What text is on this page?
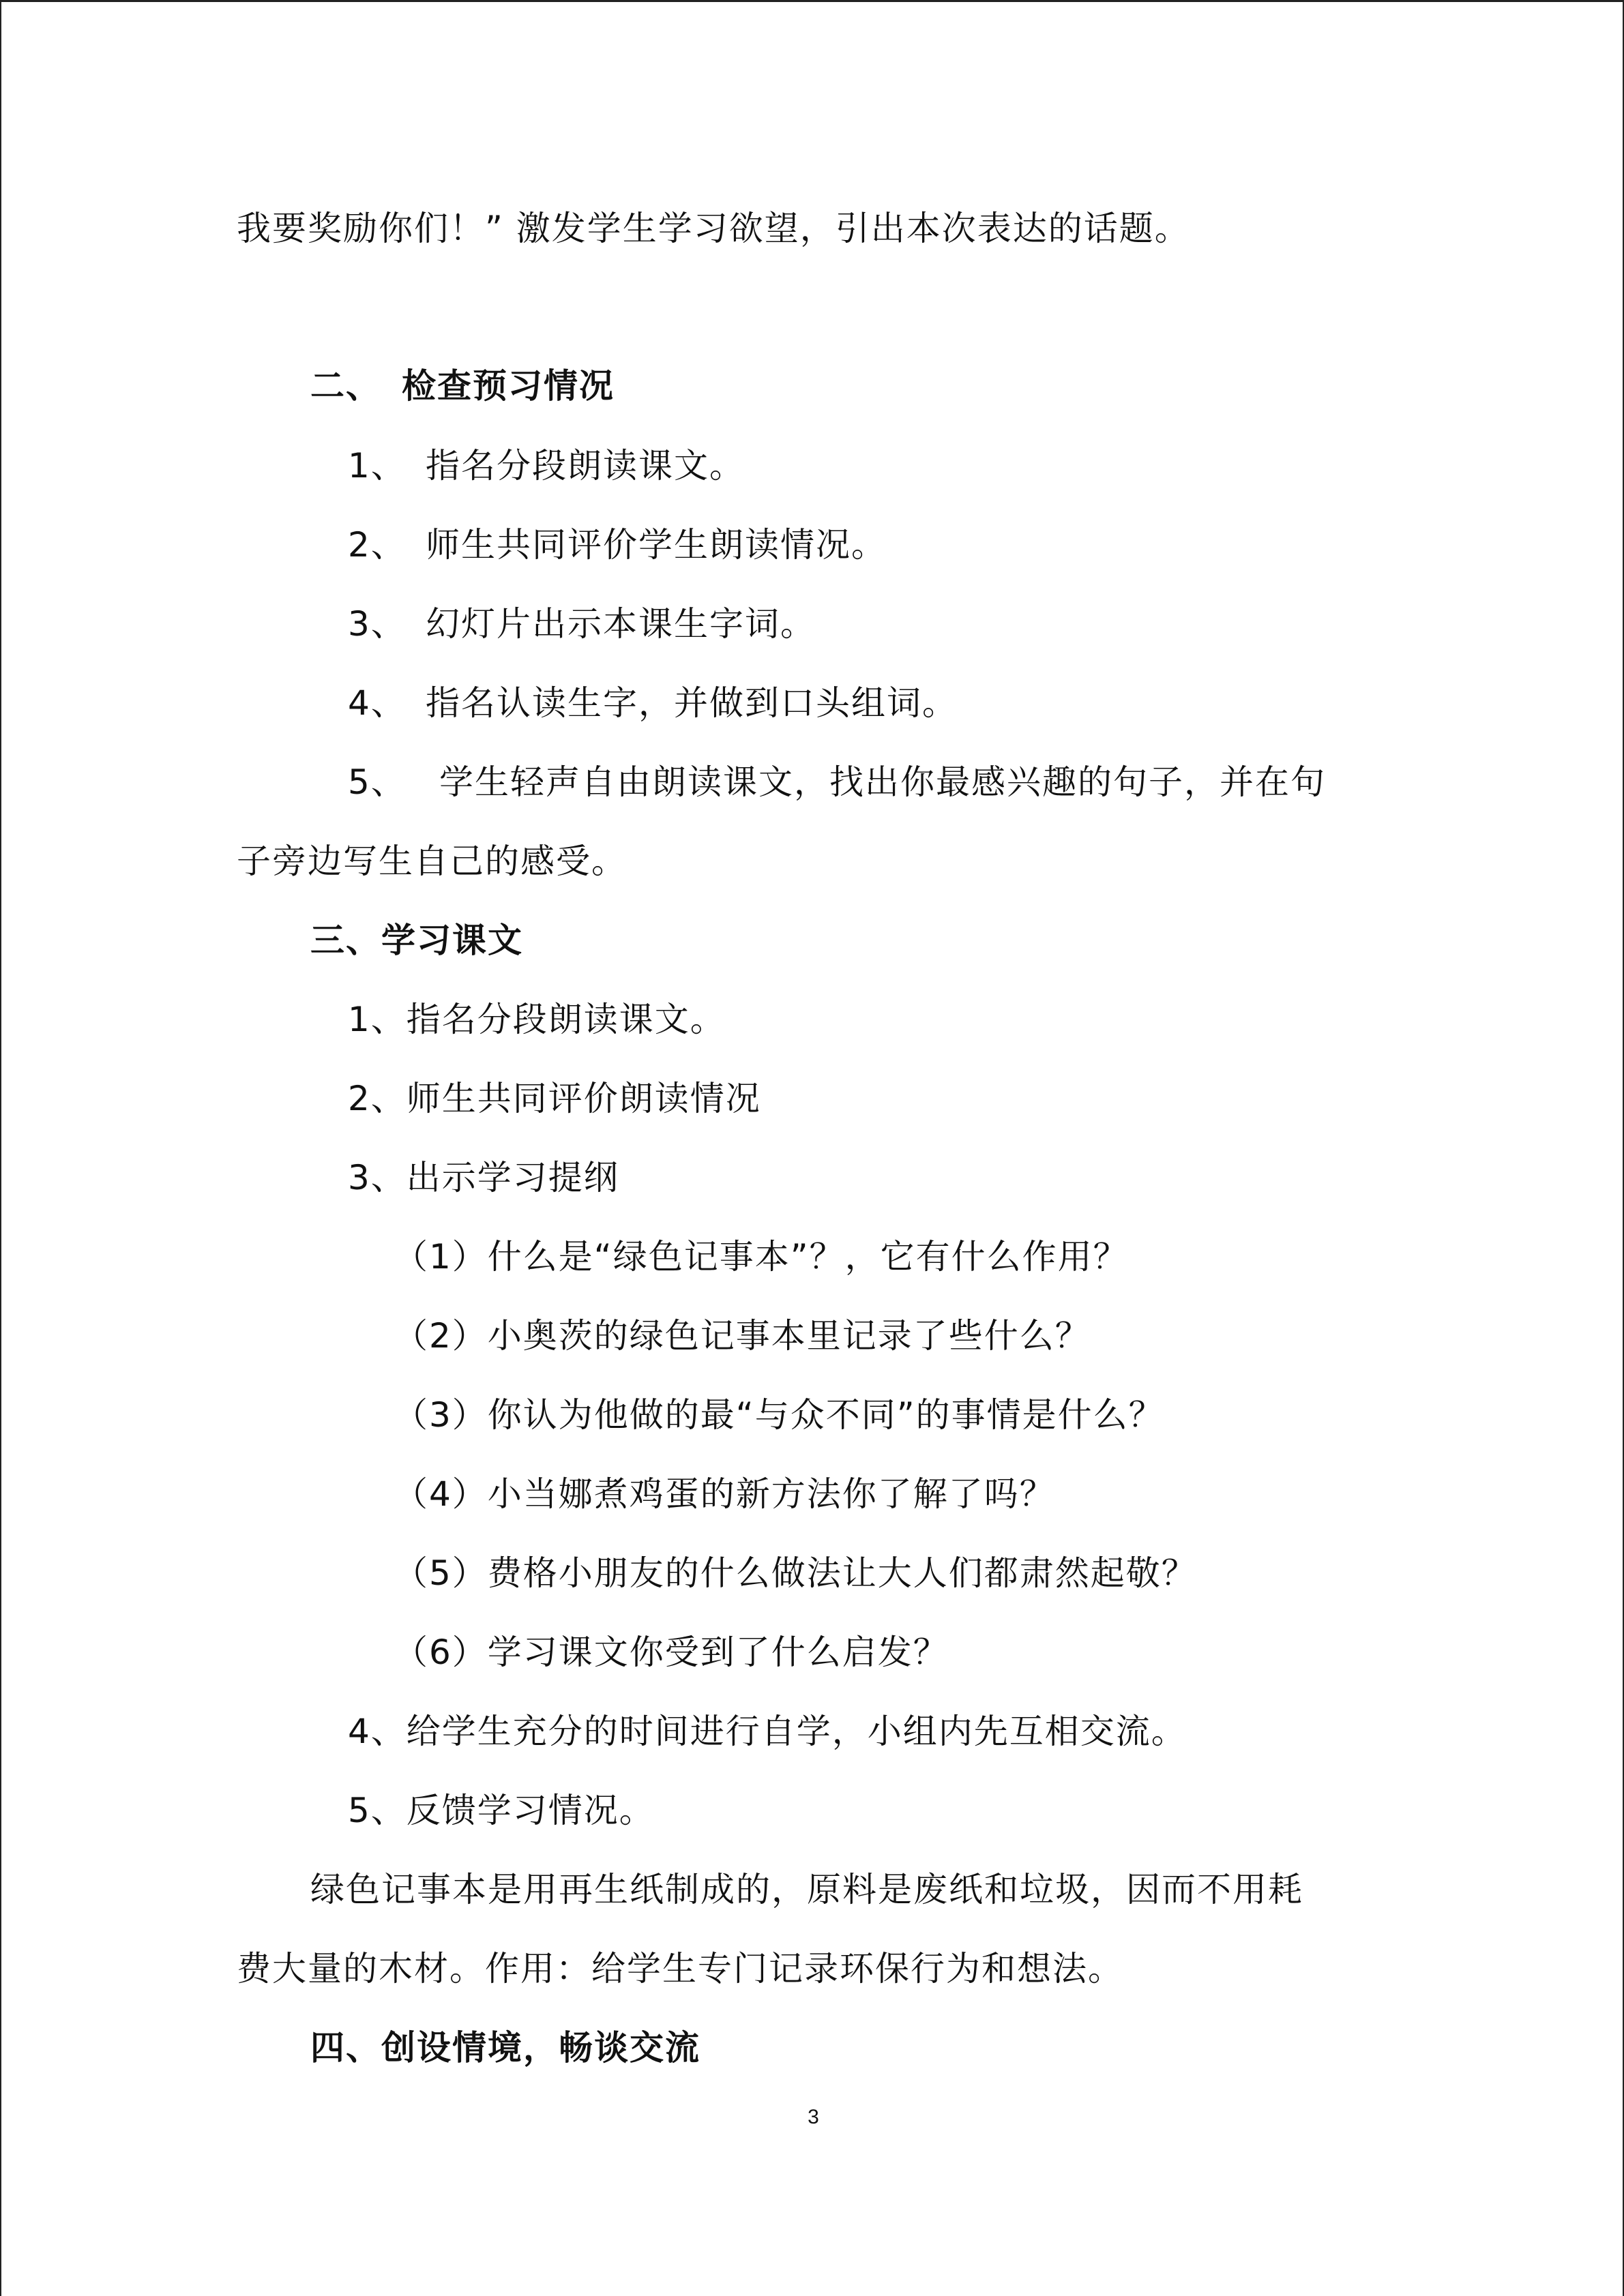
我要奖励你们！” 激发学生学习欲望，引出本次表达的话题。
二、 检查预习情况
1、 指名分段朗读课文。
2、 师生共同评价学生朗读情况。
3、 幻灯片出示本课生字词。
4、 指名认读生字，并做到口头组词。
5、 学生轻声自由朗读课文，找出你最感兴趣的句子，并在句
子旁边写生自己的感受。
三、学习课文
1、指名分段朗读课文。
2、师生共同评价朗读情况
3、出示学习提纲
（1）什么是“绿色记事本”？，它有什么作用？
（2）小奥茨的绿色记事本里记录了些什么？
（3）你认为他做的最“与众不同”的事情是什么？
（4）小当娜煮鸡蛋的新方法你了解了吗？
（5）费格小朋友的什么做法让大人们都肃然起敬？
（6）学习课文你受到了什么启发？
4、给学生充分的时间进行自学，小组内先互相交流。
5、反馈学习情况。
绿色记事本是用再生纸制成的，原料是废纸和垃圾，因而不用耗
费大量的木材。作用：给学生专门记录环保行为和想法。
四、创设情境，畅谈交流
3
